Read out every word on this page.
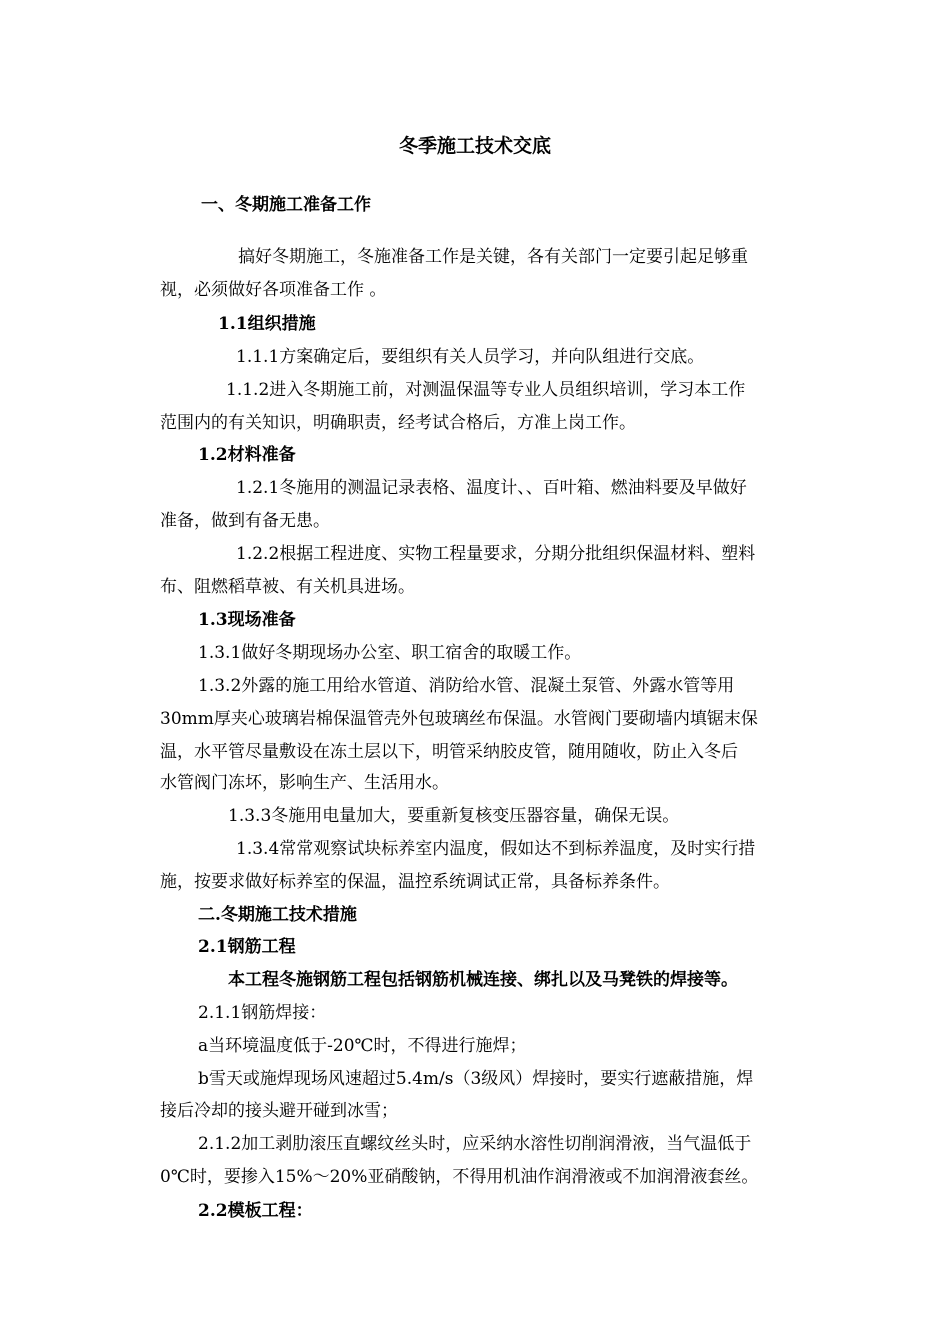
冬季施工技术交底
一、冬期施工准备工作
搞好冬期施工，冬施准备工作是关键，各有关部门一定要引起足够重
视，必须做好各项准备工作 。
1.1组织措施
1.1.1方案确定后，要组织有关人员学习，并向队组进行交底。
1.1.2进入冬期施工前，对测温保温等专业人员组织培训，学习本工作
范围内的有关知识，明确职责，经考试合格后，方准上岗工作。
1.2材料准备
1.2.1冬施用的测温记录表格、温度计、、百叶箱、燃油料要及早做好
准备，做到有备无患。
1.2.2根据工程进度、实物工程量要求，分期分批组织保温材料、塑料
布、阻燃稻草被、有关机具进场。
1.3现场准备
1.3.1做好冬期现场办公室、职工宿舍的取暖工作。
1.3.2外露的施工用给水管道、消防给水管、混凝土泵管、外露水管等用
30mm厚夹心玻璃岩棉保温管壳外包玻璃丝布保温。水管阀门要砌墙内填锯末保
温，水平管尽量敷设在冻土层以下，明管采纳胶皮管，随用随收，防止入冬后
水管阀门冻坏，影响生产、生活用水。
1.3.3冬施用电量加大，要重新复核变压器容量，确保无误。
1.3.4常常观察试块标养室内温度，假如达不到标养温度，及时实行措
施，按要求做好标养室的保温，温控系统调试正常，具备标养条件。
二.冬期施工技术措施
2.1钢筋工程
本工程冬施钢筋工程包括钢筋机械连接、绑扎以及马凳铁的焊接等。
2.1.1钢筋焊接：
a当环境温度低于-20℃时，不得进行施焊；
b雪天或施焊现场风速超过5.4m/s（3级风）焊接时，要实行遮蔽措施，焊
接后冷却的接头避开碰到冰雪；
2.1.2加工剥肋滚压直螺纹丝头时，应采纳水溶性切削润滑液，当气温低于
0℃时，要掺入15%～20%亚硝酸钠，不得用机油作润滑液或不加润滑液套丝。
2.2模板工程：
